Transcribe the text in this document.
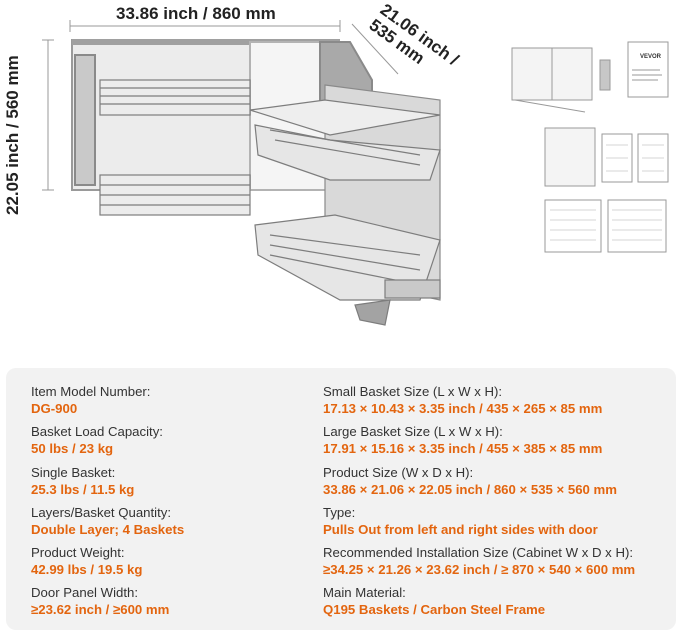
VEVOR
33.86 inch / 860 mm
22.05 inch / 560 mm
21.06 inch / 535 mm
Item Model Number:
DG-900
Basket Load Capacity:
50 lbs / 23 kg
Single Basket:
25.3 lbs / 11.5 kg
Layers/Basket Quantity:
Double Layer; 4 Baskets
Product Weight:
42.99 lbs / 19.5 kg
Door Panel Width:
≥23.62 inch / ≥600 mm
Small Basket Size (L x W x H):
17.13 × 10.43 × 3.35 inch / 435 × 265 × 85 mm
Large Basket Size (L x W x H):
17.91 × 15.16 × 3.35 inch / 455 × 385 × 85 mm
Product Size (W x D x H):
33.86 × 21.06 × 22.05 inch / 860 × 535 × 560 mm
Type:
Pulls Out from left and right sides with door
Recommended Installation Size (Cabinet W x D x H):
≥34.25 × 21.26 × 23.62 inch / ≥ 870 × 540 × 600 mm
Main Material:
Q195 Baskets / Carbon Steel Frame
